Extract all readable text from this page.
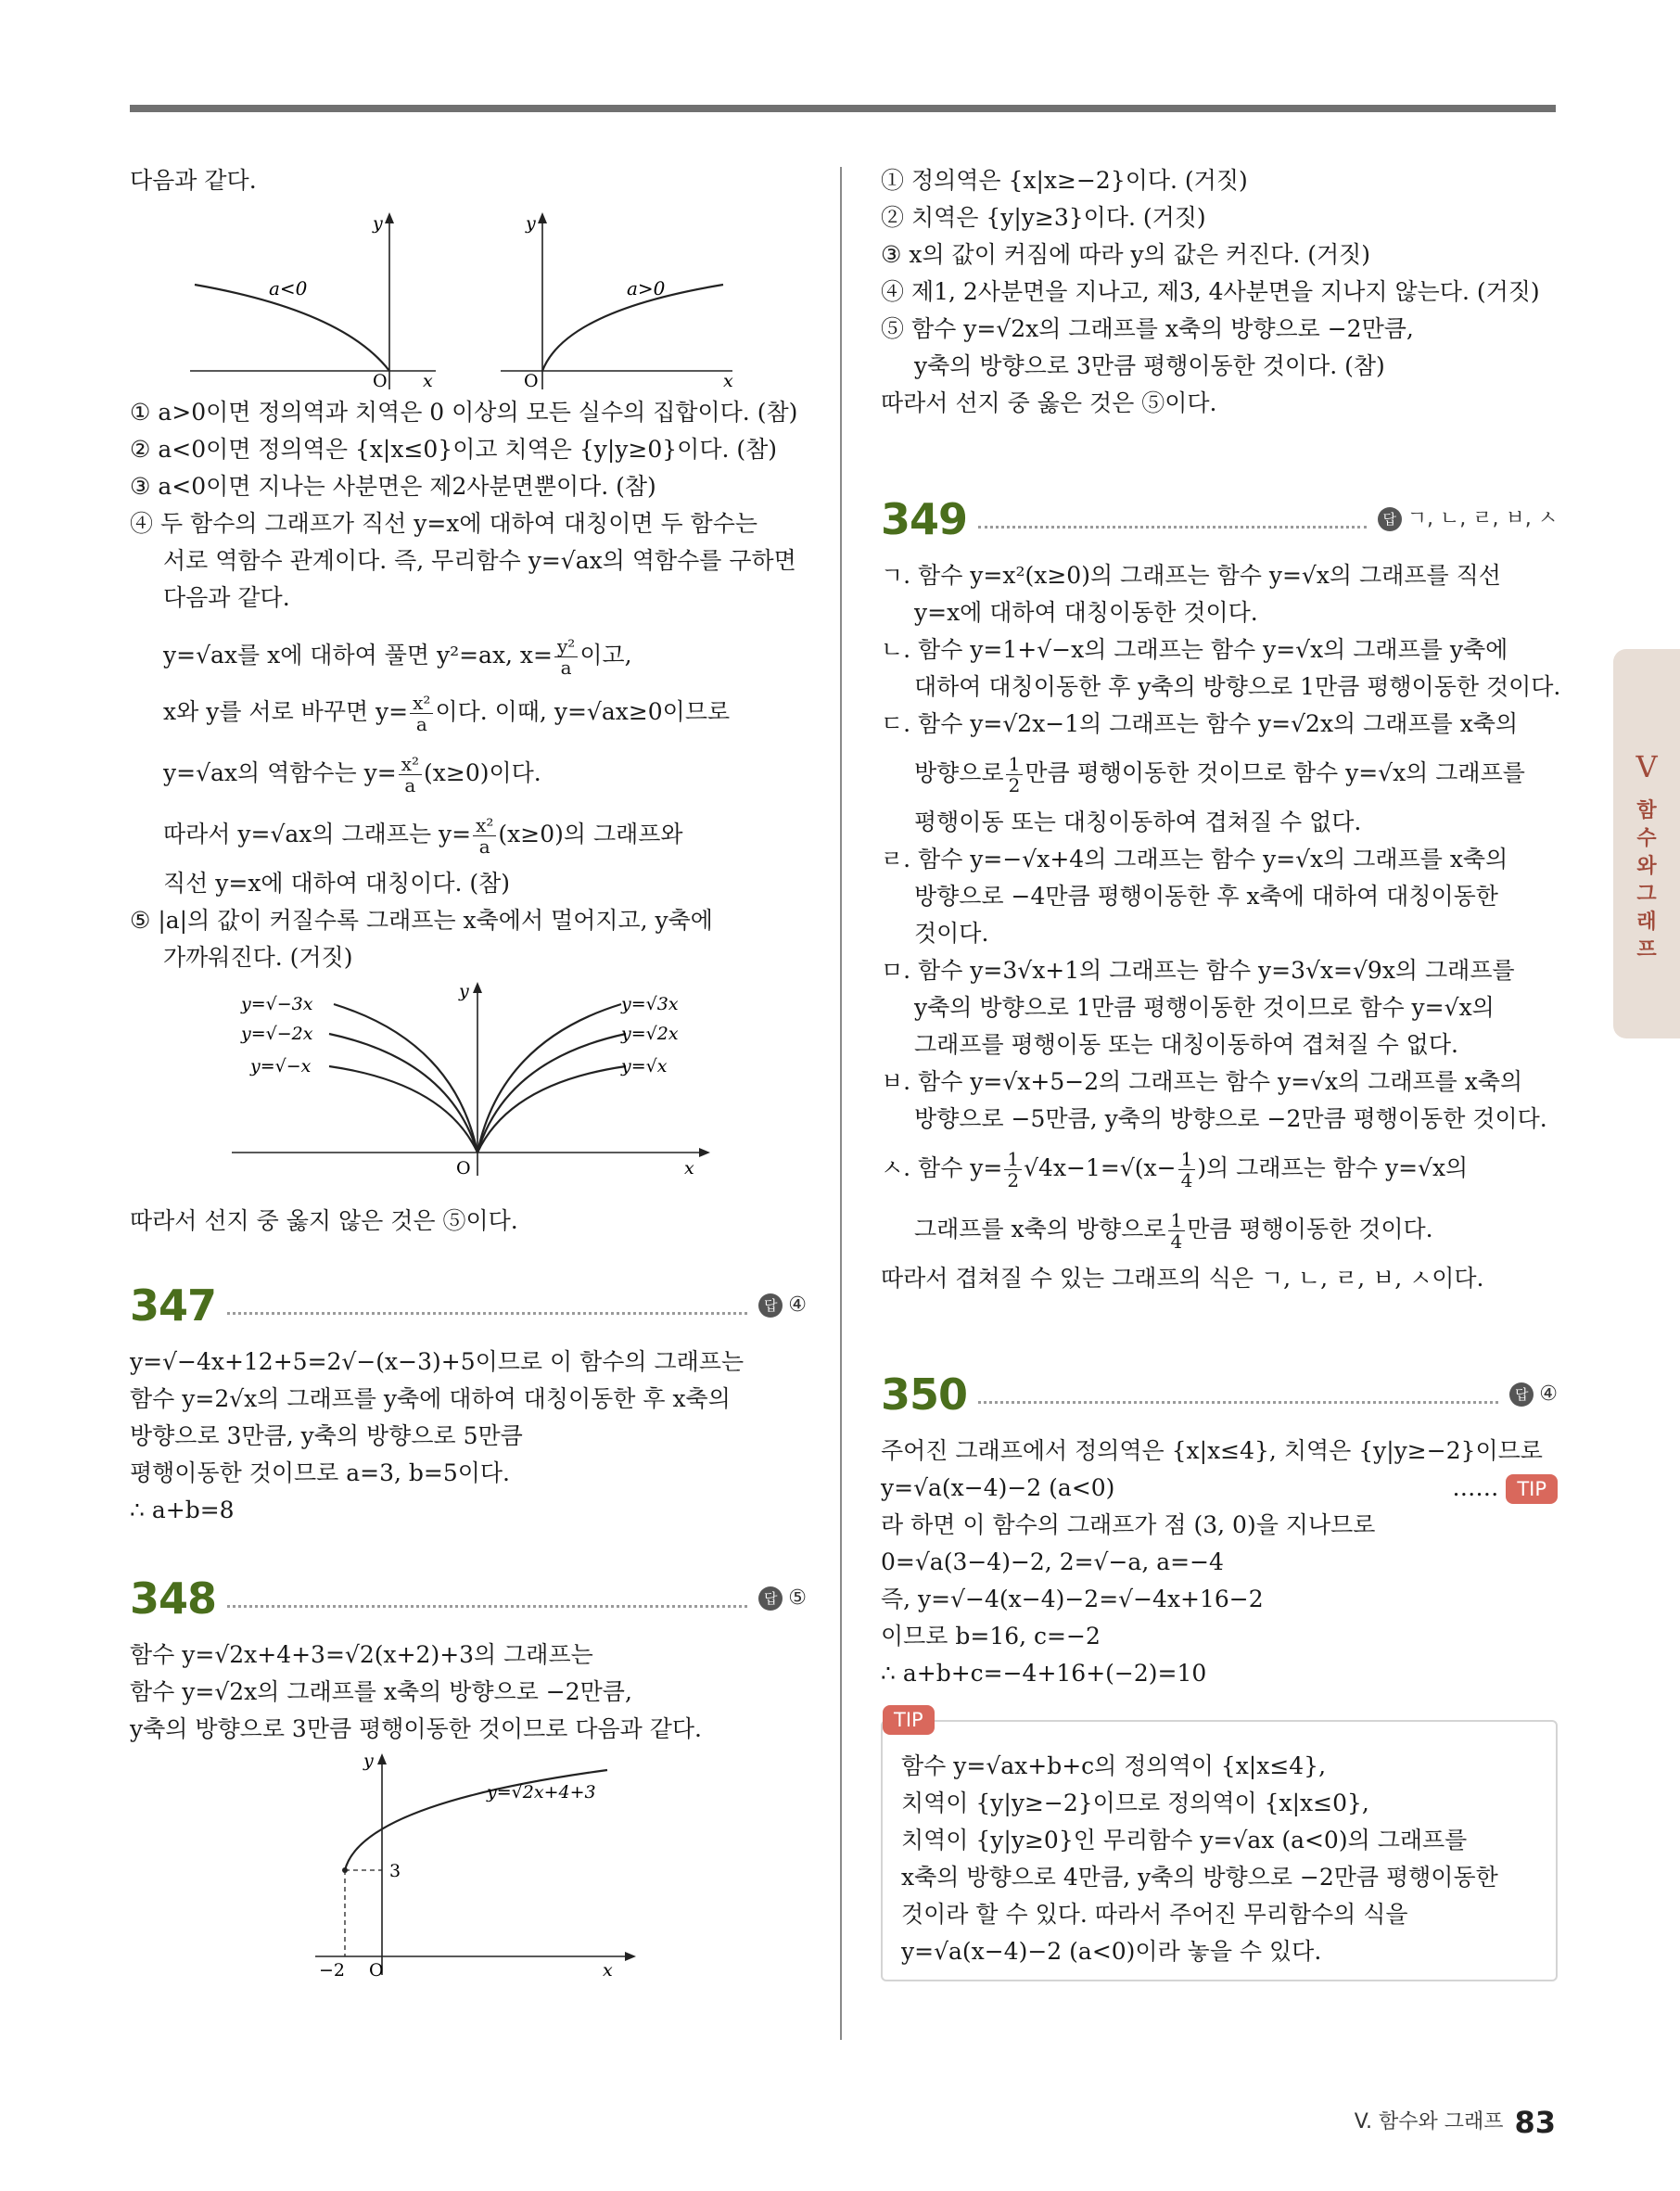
다음과 같다.
a<0
O x
y
a>0
O	x
y
① a>0이면 정의역과 치역은 0 이상의 모든 실수의 집합이다. (참)
② a<0이면 정의역은 {x|x≤0}이고 치역은 {y|y≥0}이다. (참)
③ a<0이면 지나는 사분면은 제2사분면뿐이다. (참)
④ 두 함수의 그래프가 직선 y=x에 대하여 대칭이면 두 함수는
서로 역함수 관계이다. 즉, 무리함수 y=√ax의 역함수를 구하면
다음과 같다.
y=√ax를 x에 대하여 풀면 y²=ax, $x= \frac{\text{y²}}{a}$ 이고,
x와 y를 서로 바꾸면 $y= \frac{\text{x²}}{a}$ 이다. 이때, y=√ax≥0이므로
y=√ax의 역함수는 $y= \frac{\text{x²}}{a} (x\ge 0)$이다.
따라서 y=√ax의 그래프는 $y= \frac{\text{x²}}{a} (x\ge 0)$의 그래프와
직선 y=x에 대하여 대칭이다. (참)
⑤ |a|의 값이 커질수록 그래프는 x축에서 멀어지고, y축에
가까워진다. (거짓)
y=√−3x
y=√−2x
y=√−x
y=√3x
y=√2x
y=√x
O	x
y
따라서 선지 중 옳지 않은 것은 ⑤이다.
347	답 ④
y=√−4x+12+5=2√−(x−3)+5이므로 이 함수의 그래프는
함수 y=2√x의 그래프를 y축에 대하여 대칭이동한 후 x축의
방향으로 3만큼, y축의 방향으로 5만큼
평행이동한 것이므로 a=3, b=5이다.
∴ a+b=8
348	답 ⑤
함수 y=√2x+4+3=√2(x+2)+3의 그래프는
함수 y=√2x의 그래프를 x축의 방향으로 −2만큼,
y축의 방향으로 3만큼 평행이동한 것이므로 다음과 같다.
y=√2x+4+3
3
−2 O	x
y
① 정의역은 {x|x≥−2}이다. (거짓)
② 치역은 {y|y≥3}이다. (거짓)
③ x의 값이 커짐에 따라 y의 값은 커진다. (거짓)
④ 제1, 2사분면을 지나고, 제3, 4사분면을 지나지 않는다. (거짓)
⑤ 함수 y=√2x의 그래프를 x축의 방향으로 −2만큼,
y축의 방향으로 3만큼 평행이동한 것이다. (참)
따라서 선지 중 옳은 것은 ⑤이다.
349	답 ㄱ, ㄴ, ㄹ, ㅂ, ㅅ
ㄱ. 함수 y=x²(x≥0)의 그래프는 함수 y=√x의 그래프를 직선
y=x에 대하여 대칭이동한 것이다.
ㄴ. 함수 y=1+√−x의 그래프는 함수 y=√x의 그래프를 y축에
대하여 대칭이동한 후 y축의 방향으로 1만큼 평행이동한 것이다.
ㄷ. 함수 y=√2x−1의 그래프는 함수 y=√2x의 그래프를 x축의
방향으로 $\frac{1}{2}$ 만큼 평행이동한 것이므로 함수 y=√x의 그래프를
평행이동 또는 대칭이동하여 겹쳐질 수 없다.
ㄹ. 함수 y=−√x+4의 그래프는 함수 y=√x의 그래프를 x축의
방향으로 −4만큼 평행이동한 후 x축에 대하여 대칭이동한
것이다.
ㅁ. 함수 y=3√x+1의 그래프는 함수 y=3√x=√9x의 그래프를
y축의 방향으로 1만큼 평행이동한 것이므로 함수 y=√x의
그래프를 평행이동 또는 대칭이동하여 겹쳐질 수 없다.
ㅂ. 함수 y=√x+5−2의 그래프는 함수 y=√x의 그래프를 x축의
방향으로 −5만큼, y축의 방향으로 −2만큼 평행이동한 것이다.
ㅅ. 함수 $y= \frac{1}{2} √4x-1=√(x- \frac{1}{4}$ )의 그래프는 함수 y=√x의
그래프를 x축의 방향으로 $\frac{1}{4}$ 만큼 평행이동한 것이다.
따라서 겹쳐질 수 있는 그래프의 식은 ㄱ, ㄴ, ㄹ, ㅂ, ㅅ이다.
350	답 ④
주어진 그래프에서 정의역은 {x|x≤4}, 치역은 {y|y≥−2}이므로
y=√a(x−4)−2 (a<0)	…… TIP
라 하면 이 함수의 그래프가 점 (3, 0)을 지나므로
0=√a(3−4)−2, 2=√−a, a=−4
즉, y=√−4(x−4)−2=√−4x+16−2
이므로 b=16, c=−2
∴ a+b+c=−4+16+(−2)=10
TIP
함수 y=√ax+b+c의 정의역이 {x|x≤4},
치역이 {y|y≥−2}이므로 정의역이 {x|x≤0},
치역이 {y|y≥0}인 무리함수 y=√ax (a<0)의 그래프를
x축의 방향으로 4만큼, y축의 방향으로 −2만큼 평행이동한
것이라 할 수 있다. 따라서 주어진 무리함수의 식을
y=√a(x−4)−2 (a<0)이라 놓을 수 있다.
V
함
수
와
그
래
프
V. 함수와 그래프 83
